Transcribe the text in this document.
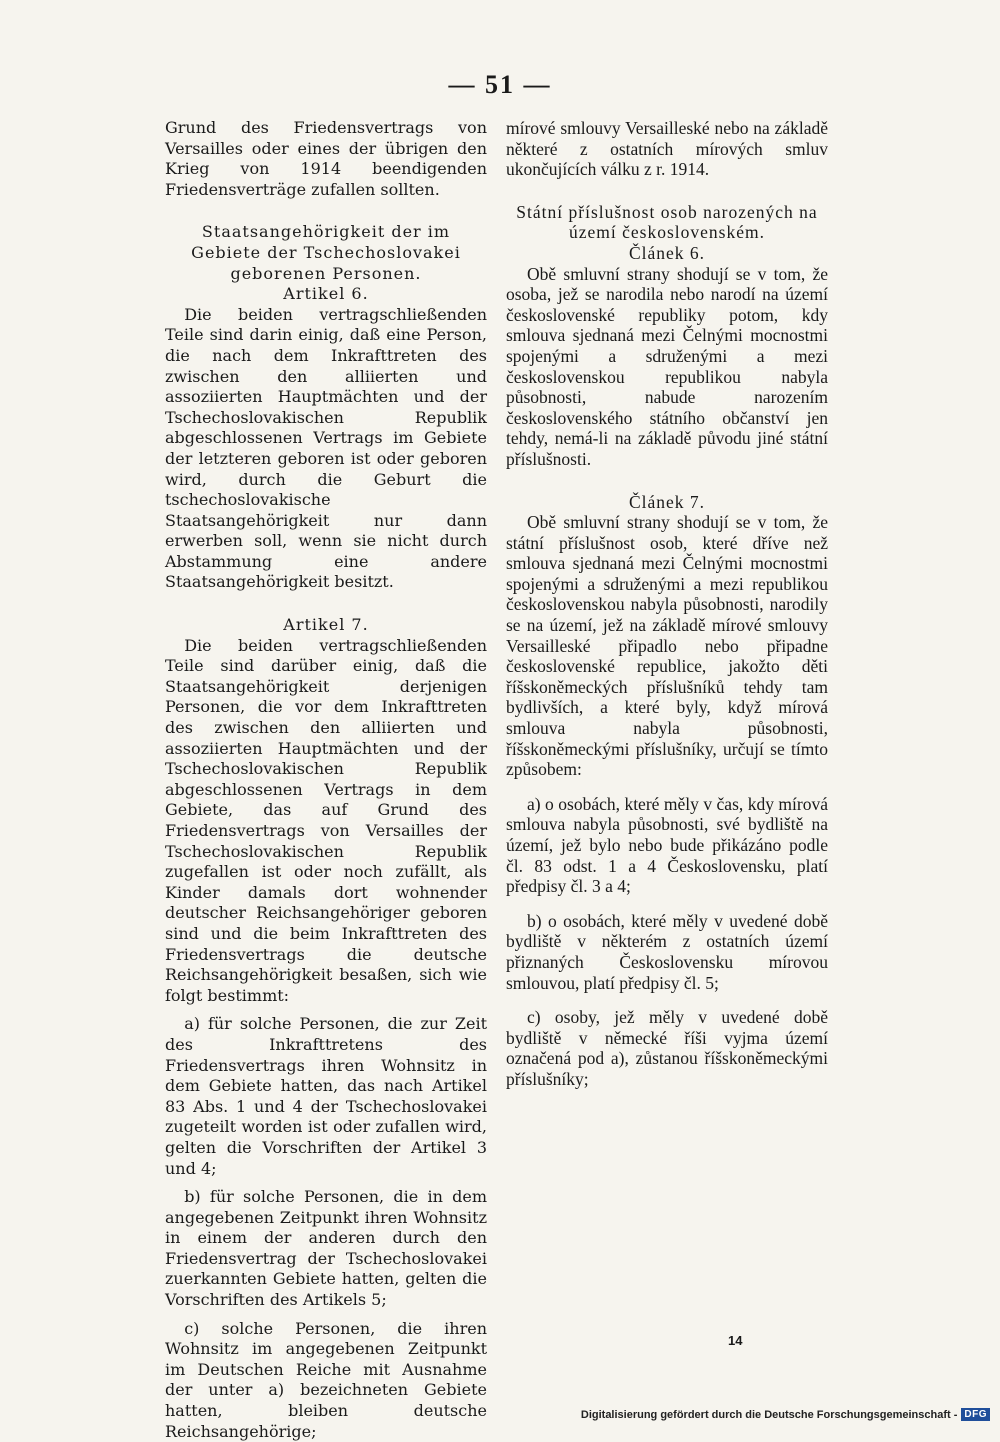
— 51 —

Grund des Friedensvertrags von Versailles oder eines der übrigen den Krieg von 1914 beendigenden Friedensverträge zufallen sollten.

Staatsangehörigkeit der im Gebiete der Tschechoslovakei geborenen Personen.
Artikel 6.

Die beiden vertragschließenden Teile sind darin einig, daß eine Person, die nach dem Inkrafttreten des zwischen den alliierten und assoziierten Hauptmächten und der Tschechoslovakischen Republik abgeschlossenen Vertrags im Gebiete der letzteren geboren ist oder geboren wird, durch die Geburt die tschechoslovakische Staatsangehörigkeit nur dann erwerben soll, wenn sie nicht durch Abstammung eine andere Staatsangehörigkeit besitzt.

Artikel 7.

Die beiden vertragschließenden Teile sind darüber einig, daß die Staatsangehörigkeit derjenigen Personen, die vor dem Inkrafttreten des zwischen den alliierten und assoziierten Hauptmächten und der Tschechoslovakischen Republik abgeschlossenen Vertrags in dem Gebiete, das auf Grund des Friedensvertrags von Versailles der Tschechoslovakischen Republik zugefallen ist oder noch zufällt, als Kinder damals dort wohnender deutscher Reichsangehöriger geboren sind und die beim Inkrafttreten des Friedensvertrags die deutsche Reichsangehörigkeit besaßen, sich wie folgt bestimmt:

a) für solche Personen, die zur Zeit des Inkrafttretens des Friedensvertrags ihren Wohnsitz in dem Gebiete hatten, das nach Artikel 83 Abs. 1 und 4 der Tschechoslovakei zugeteilt worden ist oder zufallen wird, gelten die Vorschriften der Artikel 3 und 4;

b) für solche Personen, die in dem angegebenen Zeitpunkt ihren Wohnsitz in einem der anderen durch den Friedensvertrag der Tschechoslovakei zuerkannten Gebiete hatten, gelten die Vorschriften des Artikels 5;

c) solche Personen, die ihren Wohnsitz im angegebenen Zeitpunkt im Deutschen Reiche mit Ausnahme der unter a) bezeichneten Gebiete hatten, bleiben deutsche Reichsangehörige;

mírové smlouvy Versailleské nebo na základě některé z ostatních mírových smluv ukončujících válku z r. 1914.

Státní příslušnost osob narozených na území československém.
Článek 6.

Obě smluvní strany shodují se v tom, že osoba, jež se narodila nebo narodí na území československé republiky potom, kdy smlouva sjednaná mezi Čelnými mocnostmi spojenými a sdruženými a mezi československou republikou nabyla působnosti, nabude narozením československého státního občanství jen tehdy, nemá-li na základě původu jiné státní příslušnosti.

Článek 7.

Obě smluvní strany shodují se v tom, že státní příslušnost osob, které dříve než smlouva sjednaná mezi Čelnými mocnostmi spojenými a sdruženými a mezi republikou československou nabyla působnosti, narodily se na území, jež na základě mírové smlouvy Versailleské připadlo nebo připadne československé republice, jakožto děti říšskoněmeckých příslušníků tehdy tam bydlivších, a které byly, když mírová smlouva nabyla působnosti, říšskoněmeckými příslušníky, určují se tímto způsobem:

a) o osobách, které měly v čas, kdy mírová smlouva nabyla působnosti, své bydliště na území, jež bylo nebo bude přikázáno podle čl. 83 odst. 1 a 4 Československu, platí předpisy čl. 3 a 4;

b) o osobách, které měly v uvedené době bydliště v některém z ostatních území přiznaných Československu mírovou smlouvou, platí předpisy čl. 5;

c) osoby, jež měly v uvedené době bydliště v německé říši vyjma území označená pod a), zůstanou říšskoněmeckými příslušníky;

14
Digitalisierung gefördert durch die Deutsche Forschungsgemeinschaft - DFG
